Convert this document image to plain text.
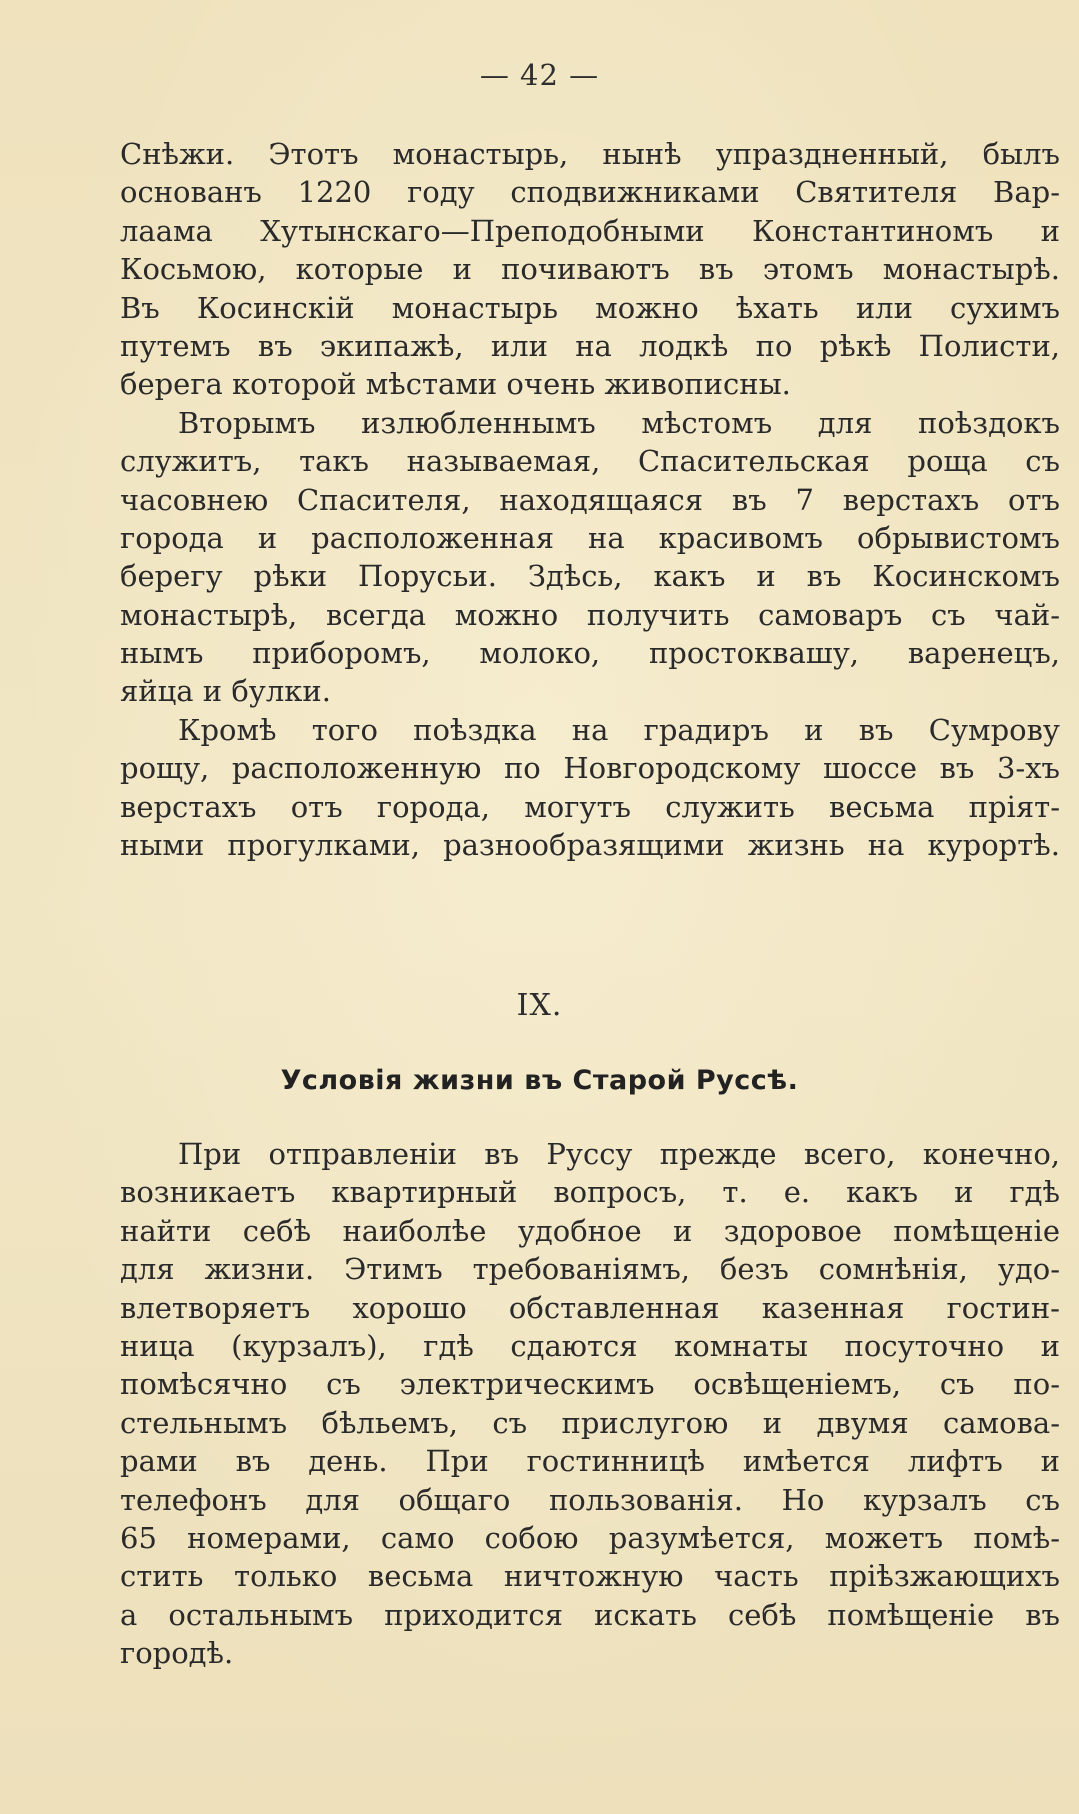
— 42 —
Снѣжи. Этотъ монастырь, нынѣ упраздненный, былъ
основанъ 1220 году сподвижниками Святителя Вар-
лаама Хутынскаго—Преподобными Константиномъ и
Косьмою, которые и почиваютъ въ этомъ монастырѣ.
Въ Косинскій монастырь можно ѣхать или сухимъ
путемъ въ экипажѣ, или на лодкѣ по рѣкѣ Полисти,
берега которой мѣстами очень живописны.
Вторымъ излюбленнымъ мѣстомъ для поѣздокъ
служитъ, такъ называемая, Спасительская роща съ
часовнею Спасителя, находящаяся въ 7 верстахъ отъ
города и расположенная на красивомъ обрывистомъ
берегу рѣки Порусьи. Здѣсь, какъ и въ Косинскомъ
монастырѣ, всегда можно получить самоваръ съ чай-
нымъ приборомъ, молоко, простоквашу, варенецъ,
яйца и булки.
Кромѣ того поѣздка на градиръ и въ Сумрову
рощу, расположенную по Новгородскому шоссе въ 3-хъ
верстахъ отъ города, могутъ служить весьма пріят-
ными прогулками, разнообразящими жизнь на курортѣ.
IX.
Условія жизни въ Старой Руссѣ.
При отправленіи въ Руссу прежде всего, конечно,
возникаетъ квартирный вопросъ, т. е. какъ и гдѣ
найти себѣ наиболѣе удобное и здоровое помѣщеніе
для жизни. Этимъ требованіямъ, безъ сомнѣнія, удо-
влетворяетъ хорошо обставленная казенная гостин-
ница (курзалъ), гдѣ сдаются комнаты посуточно и
помѣсячно съ электрическимъ освѣщеніемъ, съ по-
стельнымъ бѣльемъ, съ прислугою и двумя самова-
рами въ день. При гостинницѣ имѣется лифтъ и
телефонъ для общаго пользованія. Но курзалъ съ
65 номерами, само собою разумѣется, можетъ помѣ-
стить только весьма ничтожную часть пріѣзжающихъ
а остальнымъ приходится искать себѣ помѣщеніе въ
городѣ.
